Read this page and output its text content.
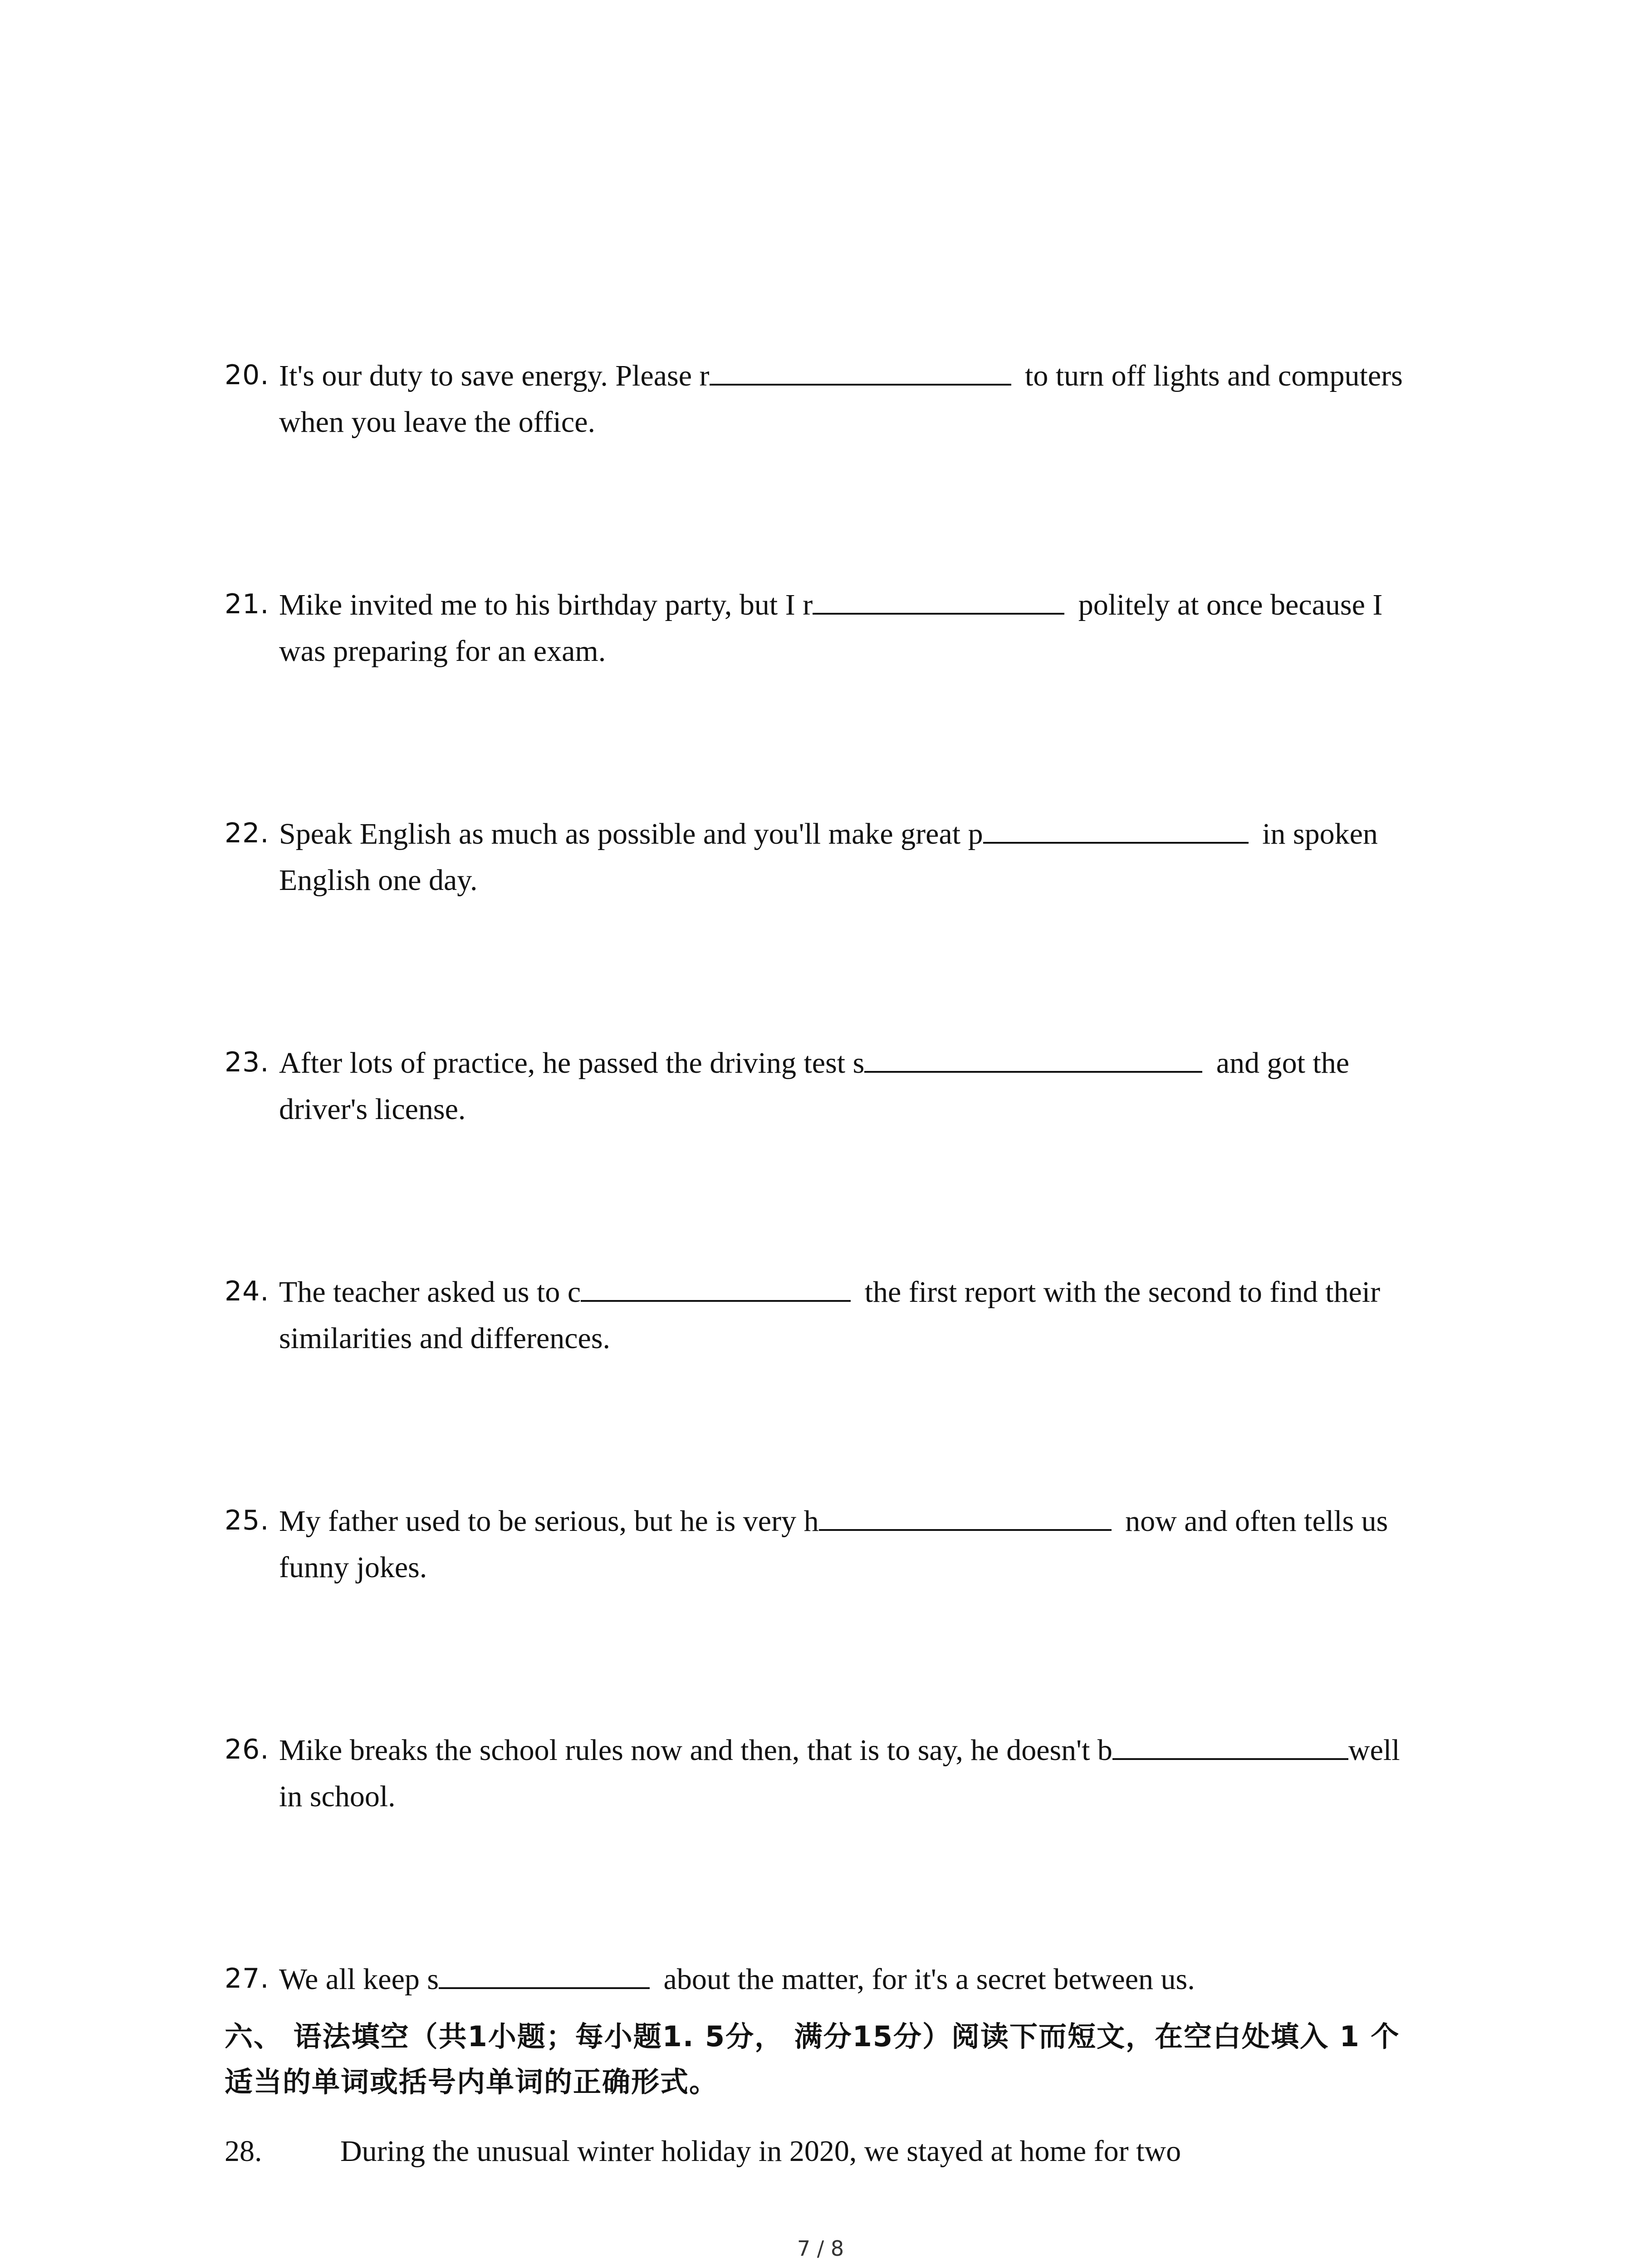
20. It's our duty to save energy. Please r	to turn off lights and computers
when you leave the office.
21. Mike invited me to his birthday party, but I r	politely at once because I
was preparing for an exam.
22. Speak English as much as possible and you'll make great p	in spoken
English one day.
23. After lots of practice, he passed the driving test s	and got the
driver's license.
24. The teacher asked us to c	the first report with the second to find their
similarities and differences.
25. My father used to be serious, but he is very h	now and often tells us
funny jokes.
26. Mike breaks the school rules now and then, that is to say, he doesn't b	well
in school.
27. We all keep s	about the matter, for it's a secret between us.
六、 语法填空（共1小题；每小题1. 5分， 满分15分）阅读下而短文，在空白处填入 1 个
适当的单词或括号内单词的正确形式。
28.	During the unusual winter holiday in 2020, we stayed at home for two
7 / 8
